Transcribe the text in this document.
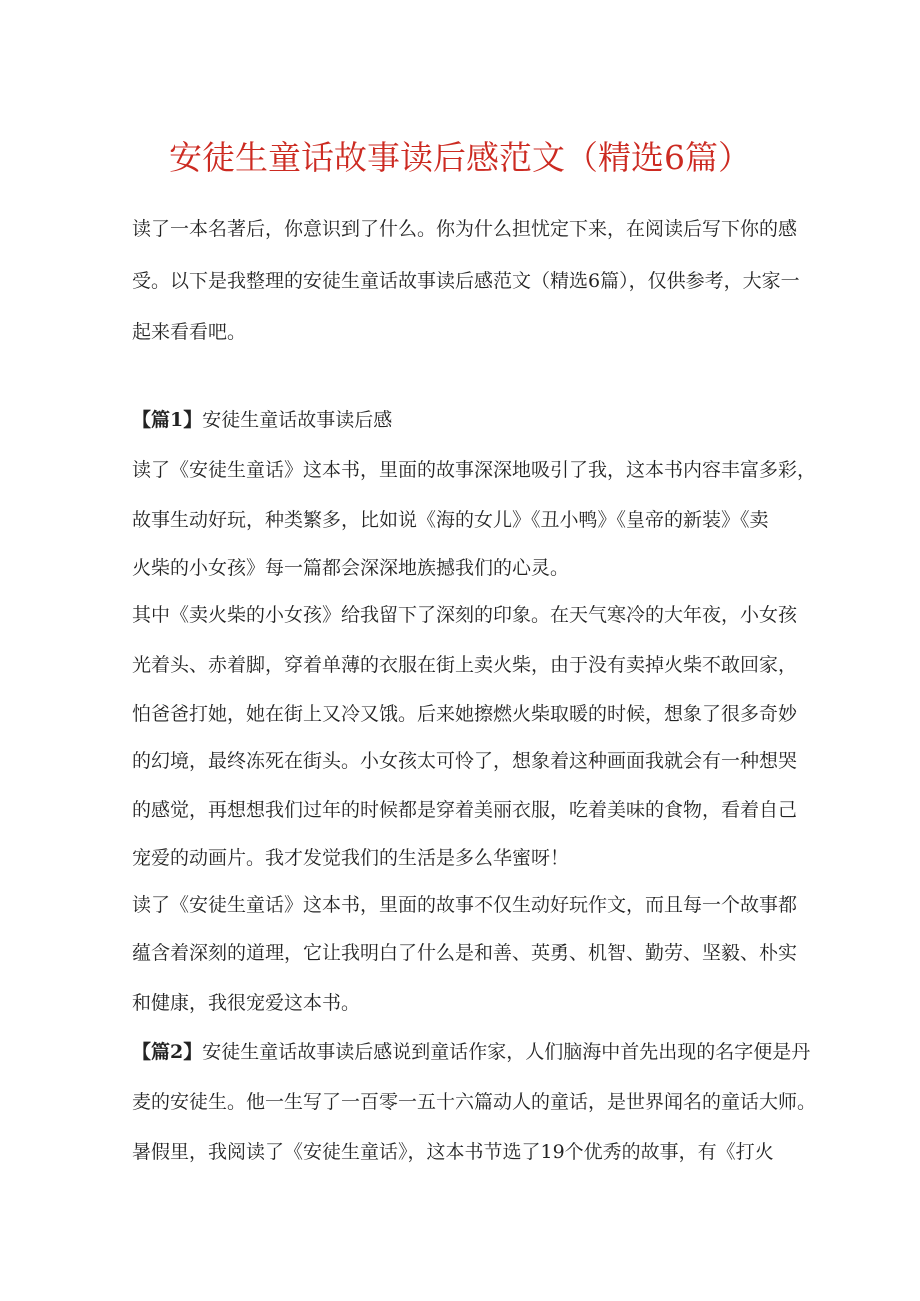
安徒生童话故事读后感范文（精选6篇）
读了一本名著后，你意识到了什么。你为什么担忧定下来，在阅读后写下你的感
受。以下是我整理的安徒生童话故事读后感范文（精选6篇），仅供参考，大家一
起来看看吧。
【篇1】安徒生童话故事读后感
读了《安徒生童话》这本书，里面的故事深深地吸引了我，这本书内容丰富多彩，
故事生动好玩，种类繁多，比如说《海的女儿》《丑小鸭》《皇帝的新装》《卖
火柴的小女孩》每一篇都会深深地族撼我们的心灵。
其中《卖火柴的小女孩》给我留下了深刻的印象。在天气寒冷的大年夜，小女孩
光着头、赤着脚，穿着单薄的衣服在街上卖火柴，由于没有卖掉火柴不敢回家，
怕爸爸打她，她在街上又冷又饿。后来她擦燃火柴取暖的时候，想象了很多奇妙
的幻境，最终冻死在街头。小女孩太可怜了，想象着这种画面我就会有一种想哭
的感觉，再想想我们过年的时候都是穿着美丽衣服，吃着美味的食物，看着自己
宠爱的动画片。我才发觉我们的生活是多么华蜜呀！
读了《安徒生童话》这本书，里面的故事不仅生动好玩作文，而且每一个故事都
蕴含着深刻的道理，它让我明白了什么是和善、英勇、机智、勤劳、坚毅、朴实
和健康，我很宠爱这本书。
【篇2】安徒生童话故事读后感说到童话作家，人们脑海中首先出现的名字便是丹
麦的安徒生。他一生写了一百零一五十六篇动人的童话，是世界闻名的童话大师。
暑假里，我阅读了《安徒生童话》，这本书节选了19个优秀的故事，有《打火
